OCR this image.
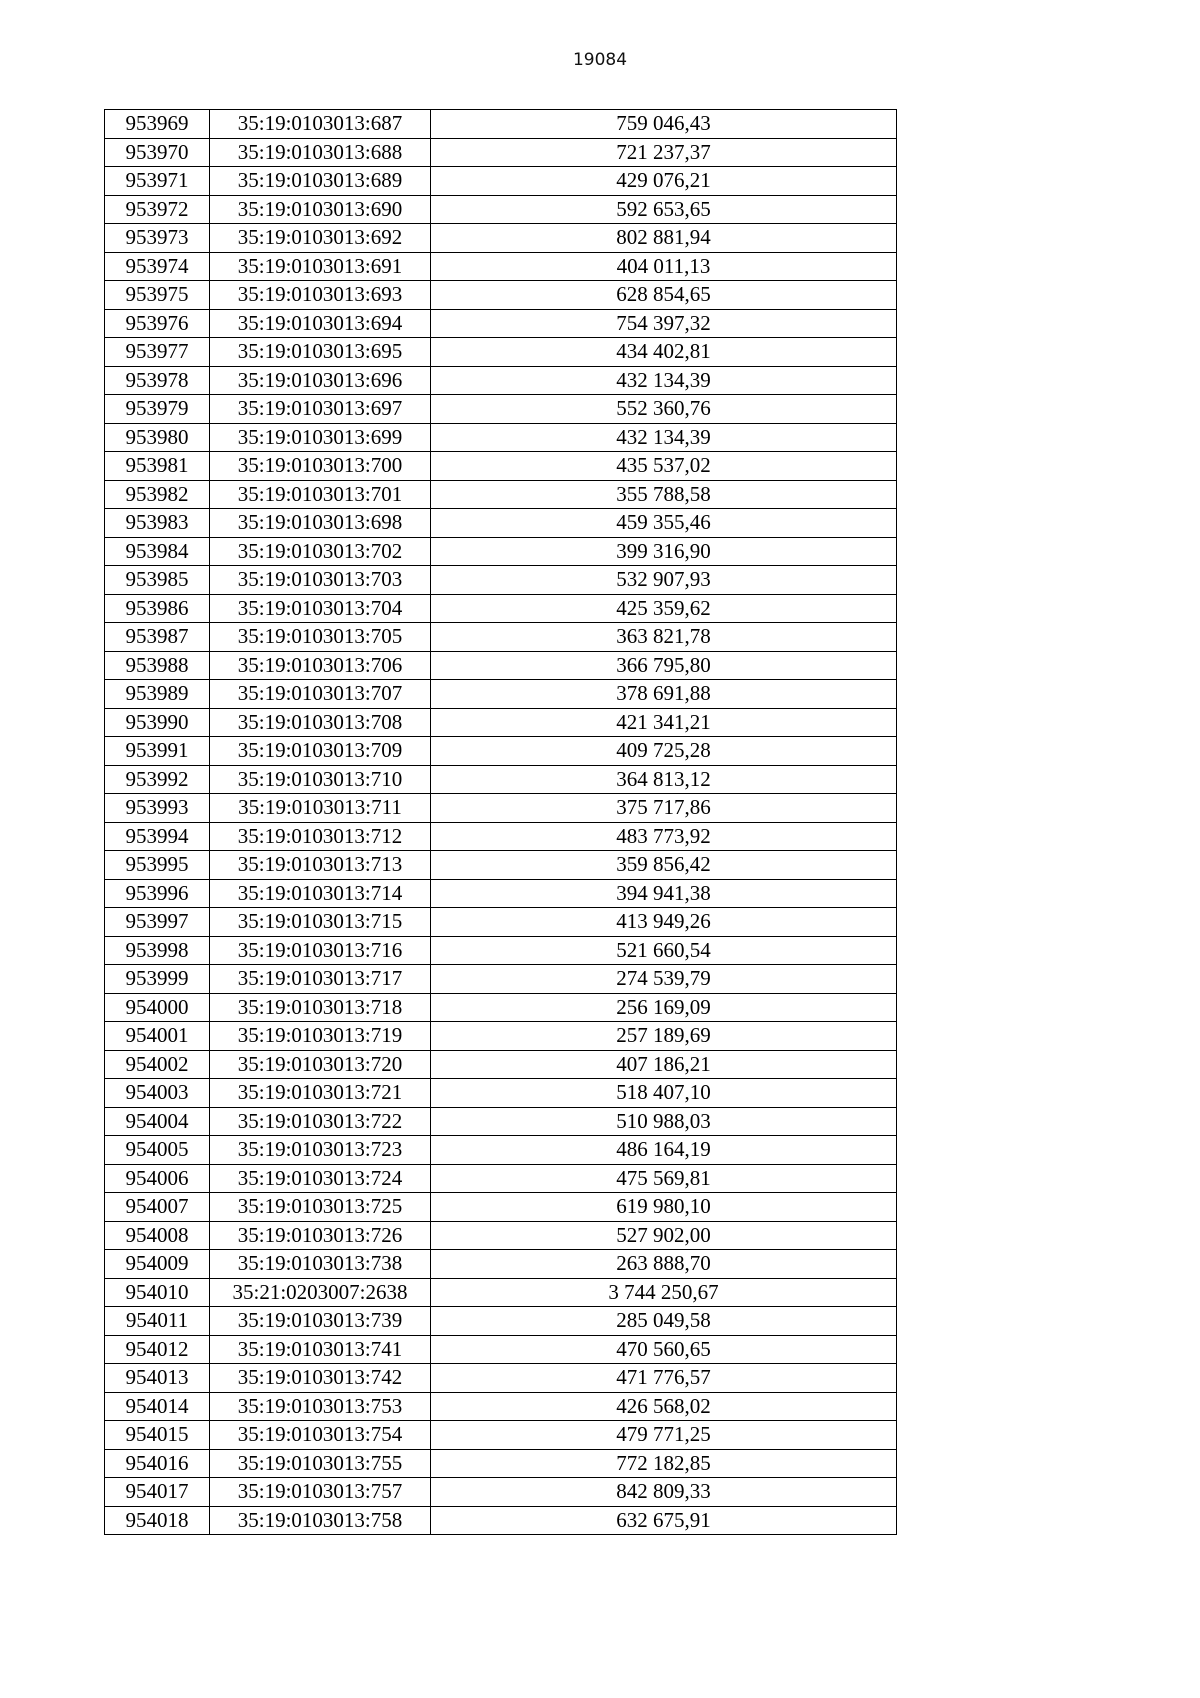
19084
953969	35:19:0103013:687	759 046,43
953970	35:19:0103013:688	721 237,37
953971	35:19:0103013:689	429 076,21
953972	35:19:0103013:690	592 653,65
953973	35:19:0103013:692	802 881,94
953974	35:19:0103013:691	404 011,13
953975	35:19:0103013:693	628 854,65
953976	35:19:0103013:694	754 397,32
953977	35:19:0103013:695	434 402,81
953978	35:19:0103013:696	432 134,39
953979	35:19:0103013:697	552 360,76
953980	35:19:0103013:699	432 134,39
953981	35:19:0103013:700	435 537,02
953982	35:19:0103013:701	355 788,58
953983	35:19:0103013:698	459 355,46
953984	35:19:0103013:702	399 316,90
953985	35:19:0103013:703	532 907,93
953986	35:19:0103013:704	425 359,62
953987	35:19:0103013:705	363 821,78
953988	35:19:0103013:706	366 795,80
953989	35:19:0103013:707	378 691,88
953990	35:19:0103013:708	421 341,21
953991	35:19:0103013:709	409 725,28
953992	35:19:0103013:710	364 813,12
953993	35:19:0103013:711	375 717,86
953994	35:19:0103013:712	483 773,92
953995	35:19:0103013:713	359 856,42
953996	35:19:0103013:714	394 941,38
953997	35:19:0103013:715	413 949,26
953998	35:19:0103013:716	521 660,54
953999	35:19:0103013:717	274 539,79
954000	35:19:0103013:718	256 169,09
954001	35:19:0103013:719	257 189,69
954002	35:19:0103013:720	407 186,21
954003	35:19:0103013:721	518 407,10
954004	35:19:0103013:722	510 988,03
954005	35:19:0103013:723	486 164,19
954006	35:19:0103013:724	475 569,81
954007	35:19:0103013:725	619 980,10
954008	35:19:0103013:726	527 902,00
954009	35:19:0103013:738	263 888,70
954010	35:21:0203007:2638	3 744 250,67
954011	35:19:0103013:739	285 049,58
954012	35:19:0103013:741	470 560,65
954013	35:19:0103013:742	471 776,57
954014	35:19:0103013:753	426 568,02
954015	35:19:0103013:754	479 771,25
954016	35:19:0103013:755	772 182,85
954017	35:19:0103013:757	842 809,33
954018	35:19:0103013:758	632 675,91
